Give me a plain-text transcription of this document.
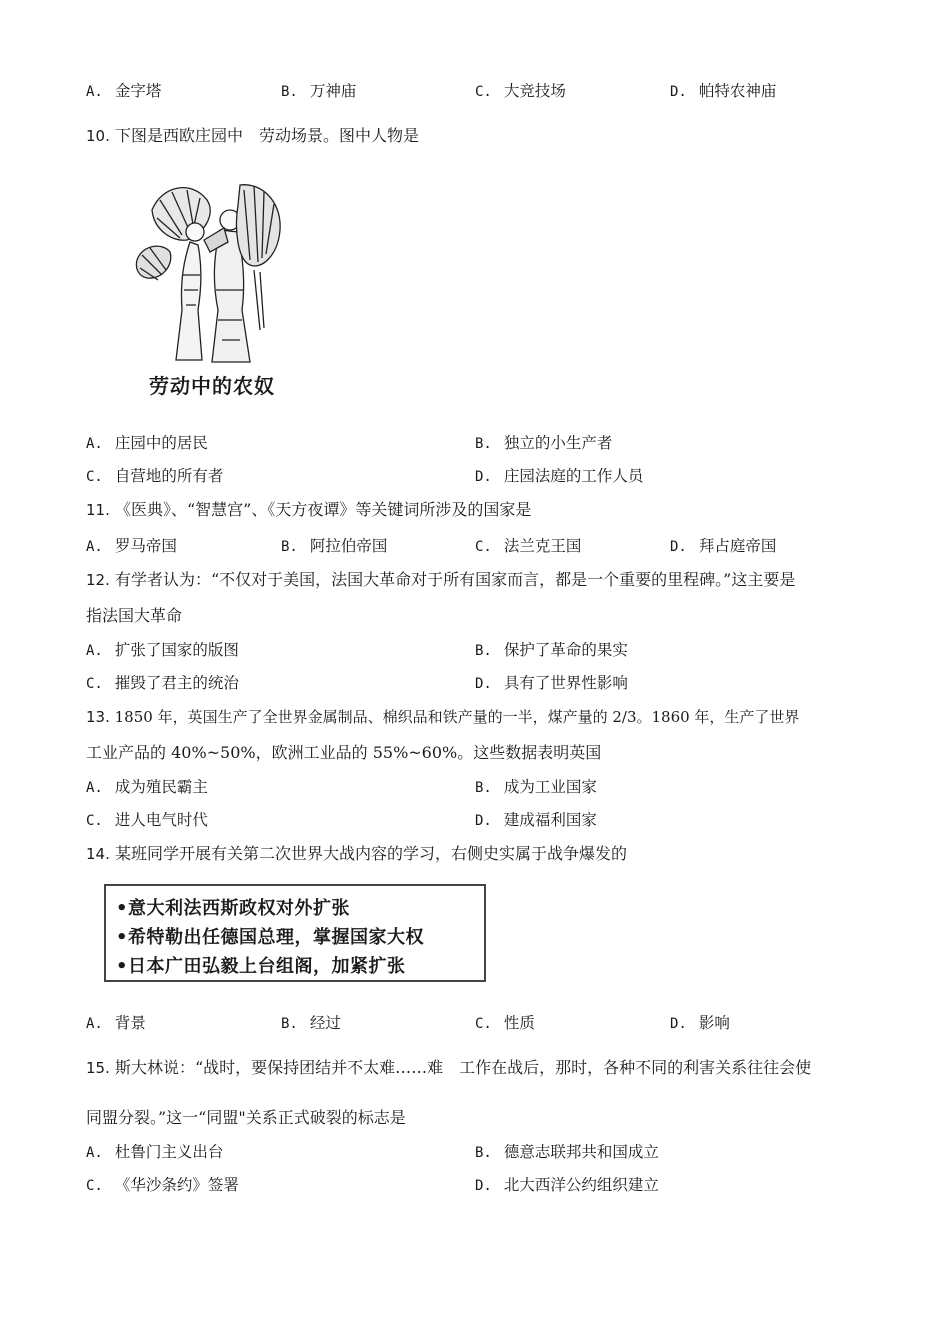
A. 金字塔	B. 万神庙	C. 大竞技场	D. 帕特农神庙
10. 下图是西欧庄园中　劳动场景。图中人物是
劳动中的农奴
A. 庄园中的居民	B. 独立的小生产者
C. 自营地的所有者	D. 庄园法庭的工作人员
11. 《医典》、“智慧宫”、《天方夜谭》等关键词所涉及的国家是
A. 罗马帝国	B. 阿拉伯帝国	C. 法兰克王国	D. 拜占庭帝国
12. 有学者认为：“不仅对于美国，法国大革命对于所有国家而言，都是一个重要的里程碑。”这主要是
指法国大革命
A. 扩张了国家的版图	B. 保护了革命的果实
C. 摧毁了君主的统治	D. 具有了世界性影响
13. 1850 年，英国生产了全世界金属制品、棉织品和铁产量的一半，煤产量的 2/3。1860 年，生产了世界
工业产品的 40%~50%，欧洲工业品的 55%~60%。这些数据表明英国
A. 成为殖民霸主	B. 成为工业国家
C. 进人电气时代	D. 建成福利国家
14. 某班同学开展有关第二次世界大战内容的学习，右侧史实属于战争爆发的
•意大利法西斯政权对外扩张
•希特勒出任德国总理，掌握国家大权
•日本广田弘毅上台组阁，加紧扩张
A. 背景	B. 经过	C. 性质	D. 影响
15. 斯大林说：“战时，要保持团结并不太难……难　工作在战后，那时，各种不同的利害关系往往会使
同盟分裂。”这一“同盟"关系正式破裂的标志是
A. 杜鲁门主义出台	B. 德意志联邦共和国成立
C. 《华沙条约》签署	D. 北大西洋公约组织建立
